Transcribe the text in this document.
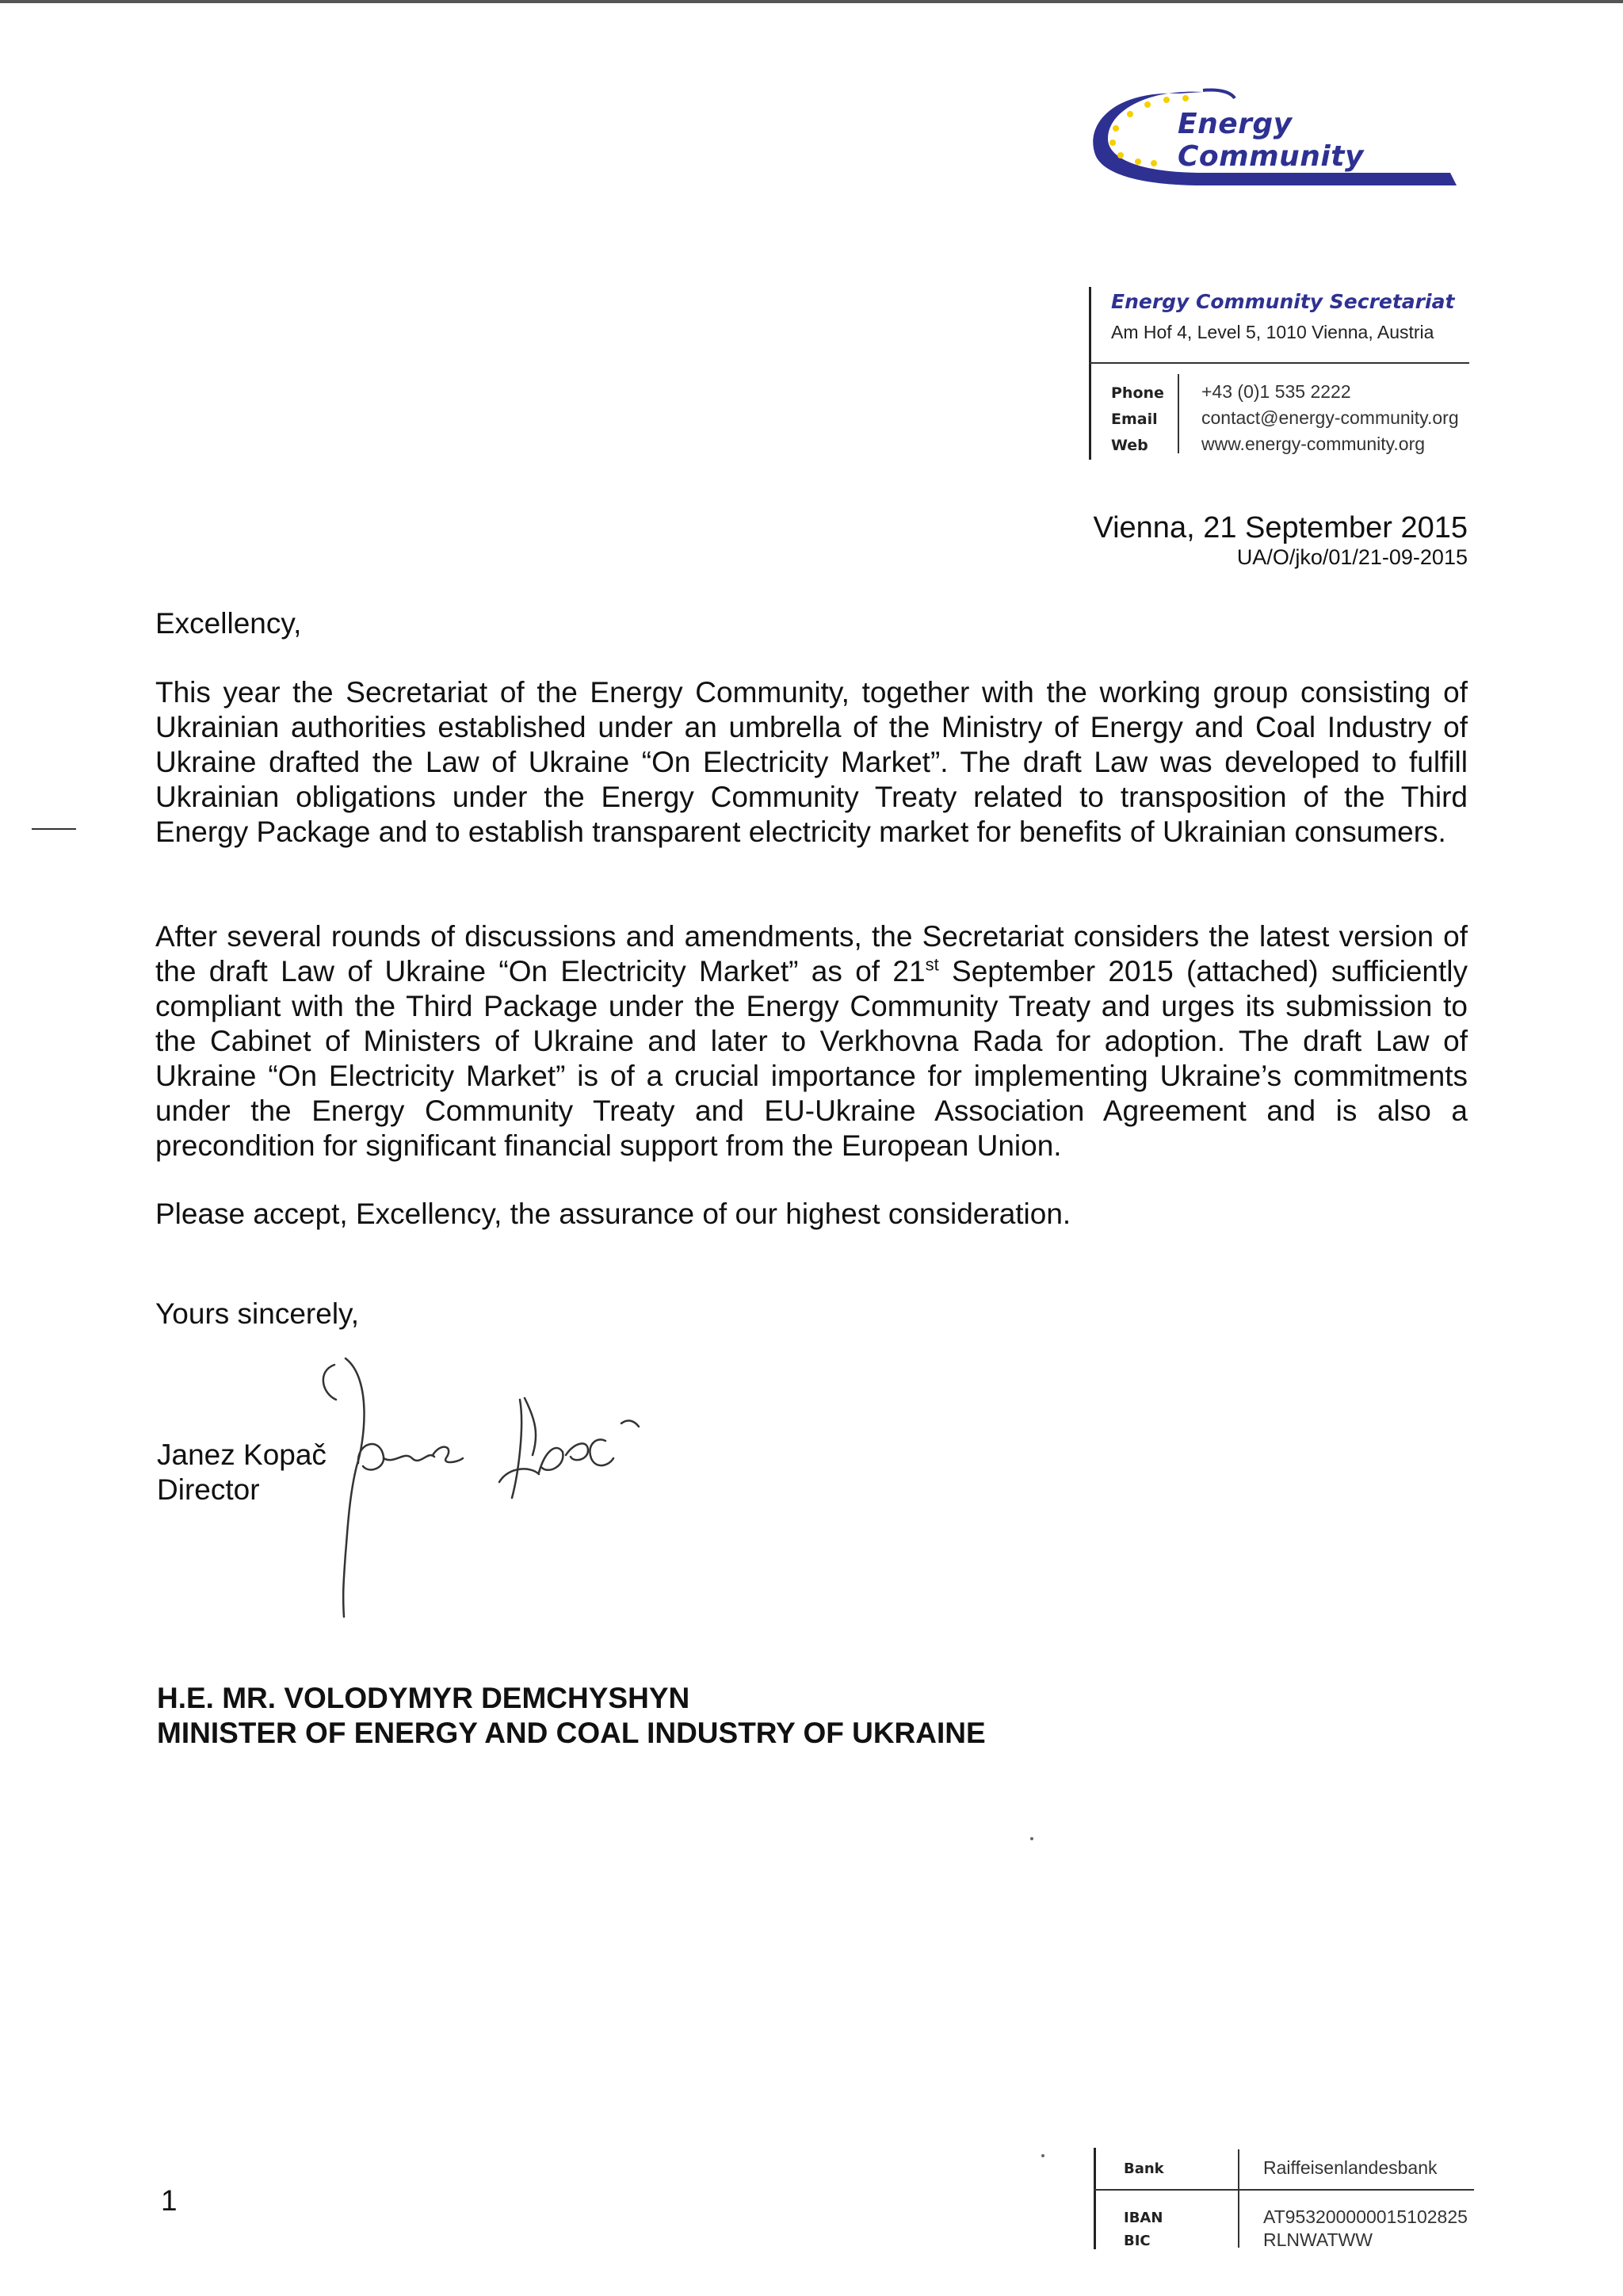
Energy Community
Energy Community Secretariat
Am Hof 4, Level 5, 1010 Vienna, Austria
Phone +43 (0)1 535 2222
Email contact@energy-community.org
Web	www.energy-community.org
Vienna, 21 September 2015
UA/O/jko/01/21-09-2015
Excellency,
This year the Secretariat of the Energy Community, together with the working group consisting of Ukrainian authorities established under an umbrella of the Ministry of Energy and Coal Industry of Ukraine drafted the Law of Ukraine “On Electricity Market”. The draft Law was developed to fulfill Ukrainian obligations under the Energy Community Treaty related to transposition of the Third Energy Package and to establish transparent electricity market for benefits of Ukrainian consumers.
After several rounds of discussions and amendments, the Secretariat considers the latest version of the draft Law of Ukraine “On Electricity Market” as of 21st September 2015 (attached) sufficiently compliant with the Third Package under the Energy Community Treaty and urges its submission to the Cabinet of Ministers of Ukraine and later to Verkhovna Rada for adoption. The draft Law of Ukraine “On Electricity Market” is of a crucial importance for implementing Ukraine’s commitments under the Energy Community Treaty and EU-Ukraine Association Agreement and is also a precondition for significant financial support from the European Union.
Please accept, Excellency, the assurance of our highest consideration.
Yours sincerely,
Janez Kopač
Director
H.E. MR. VOLODYMYR DEMCHYSHYN
MINISTER OF ENERGY AND COAL INDUSTRY OF UKRAINE
1
Bank	Raiffeisenlandesbank
IBAN	AT953200000015102825
BIC	RLNWATWW
